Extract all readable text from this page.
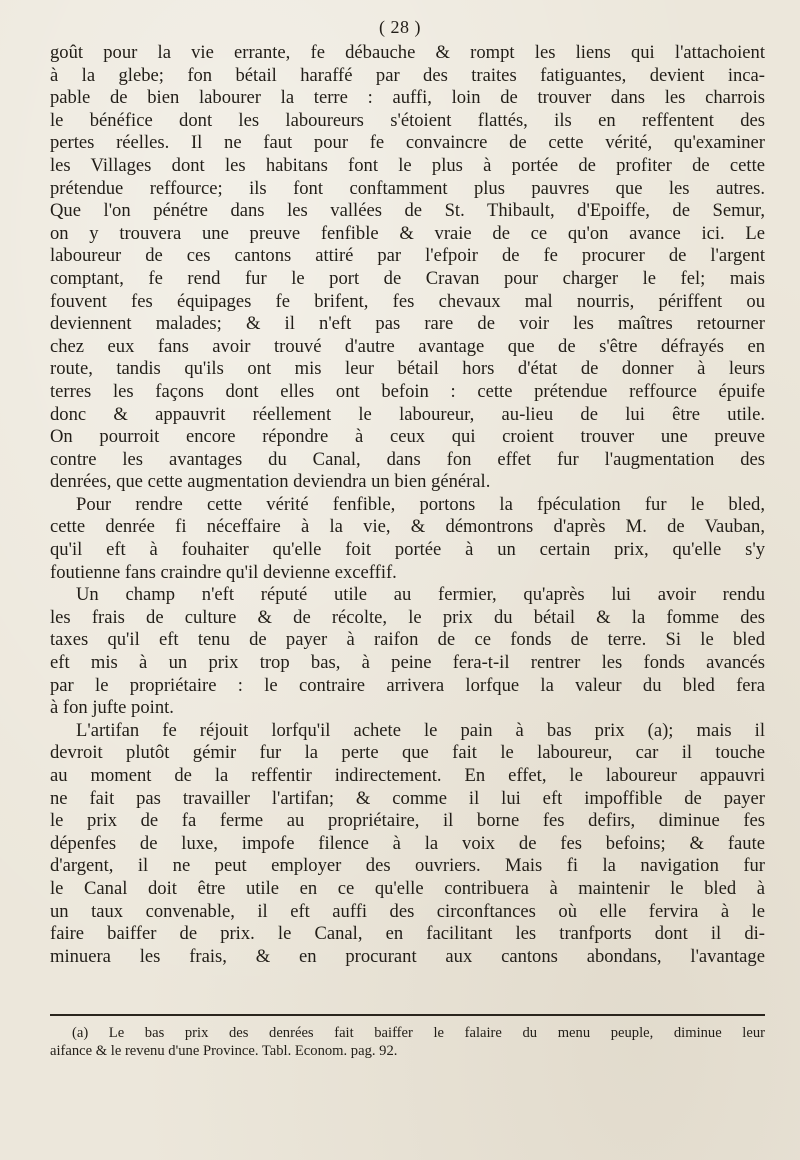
( 28 )
goût pour la vie errante, fe débauche & rompt les liens qui l'attachoient
à la glebe; fon bétail haraffé par des traites fatiguantes, devient inca-
pable de bien labourer la terre : auffi, loin de trouver dans les charrois
le bénéfice dont les laboureurs s'étoient flattés, ils en reffentent des
pertes réelles. Il ne faut pour fe convaincre de cette vérité, qu'examiner
les Villages dont les habitans font le plus à portée de profiter de cette
prétendue reffource; ils font conftamment plus pauvres que les autres.
Que l'on pénétre dans les vallées de St. Thibault, d'Epoiffe, de Semur,
on y trouvera une preuve fenfible & vraie de ce qu'on avance ici. Le
laboureur de ces cantons attiré par l'efpoir de fe procurer de l'argent
comptant, fe rend fur le port de Cravan pour charger le fel; mais
fouvent fes équipages fe brifent, fes chevaux mal nourris, périffent ou
deviennent malades; & il n'eft pas rare de voir les maîtres retourner
chez eux fans avoir trouvé d'autre avantage que de s'être défrayés en
route, tandis qu'ils ont mis leur bétail hors d'état de donner à leurs
terres les façons dont elles ont befoin : cette prétendue reffource épuife
donc & appauvrit réellement le laboureur, au-lieu de lui être utile.
On pourroit encore répondre à ceux qui croient trouver une preuve
contre les avantages du Canal, dans fon effet fur l'augmentation des
denrées, que cette augmentation deviendra un bien général.
Pour rendre cette vérité fenfible, portons la fpéculation fur le bled,
cette denrée fi néceffaire à la vie, & démontrons d'après M. de Vauban,
qu'il eft à fouhaiter qu'elle foit portée à un certain prix, qu'elle s'y
foutienne fans craindre qu'il devienne exceffif.
Un champ n'eft réputé utile au fermier, qu'après lui avoir rendu
les frais de culture & de récolte, le prix du bétail & la fomme des
taxes qu'il eft tenu de payer à raifon de ce fonds de terre. Si le bled
eft mis à un prix trop bas, à peine fera-t-il rentrer les fonds avancés
par le propriétaire : le contraire arrivera lorfque la valeur du bled fera
à fon jufte point.
L'artifan fe réjouit lorfqu'il achete le pain à bas prix (a); mais il
devroit plutôt gémir fur la perte que fait le laboureur, car il touche
au moment de la reffentir indirectement. En effet, le laboureur appauvri
ne fait pas travailler l'artifan; & comme il lui eft impoffible de payer
le prix de fa ferme au propriétaire, il borne fes defirs, diminue fes
dépenfes de luxe, impofe filence à la voix de fes befoins; & faute
d'argent, il ne peut employer des ouvriers. Mais fi la navigation fur
le Canal doit être utile en ce qu'elle contribuera à maintenir le bled à
un taux convenable, il eft auffi des circonftances où elle fervira à le
faire baiffer de prix. le Canal, en facilitant les tranfports dont il di-
minuera les frais, & en procurant aux cantons abondans, l'avantage
(a) Le bas prix des denrées fait baiffer le falaire du menu peuple, diminue leur
aifance & le revenu d'une Province. Tabl. Econom. pag. 92.
